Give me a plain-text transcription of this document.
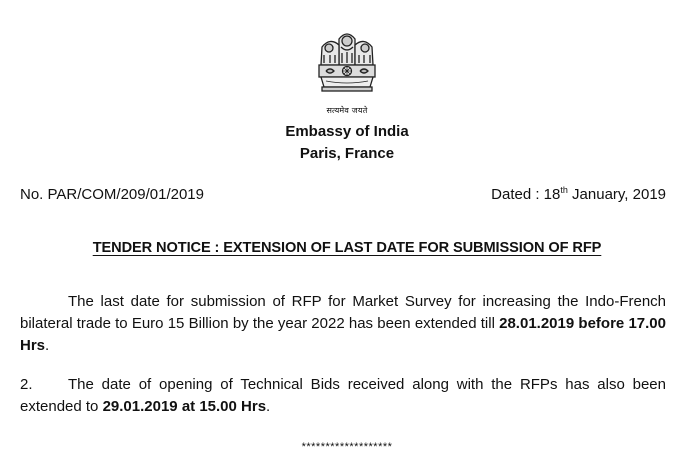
सत्यमेव जयते
Embassy of India
Paris, France
No. PAR/COM/209/01/2019	Dated : 18th January, 2019
TENDER NOTICE : EXTENSION OF LAST DATE FOR SUBMISSION OF RFP
The last date for submission of RFP for Market Survey for increasing the Indo-French bilateral trade to Euro 15 Billion by the year 2022 has been extended till 28.01.2019 before 17.00 Hrs.
2. The date of opening of Technical Bids received along with the RFPs has also been extended to 29.01.2019 at 15.00 Hrs.
*******************
